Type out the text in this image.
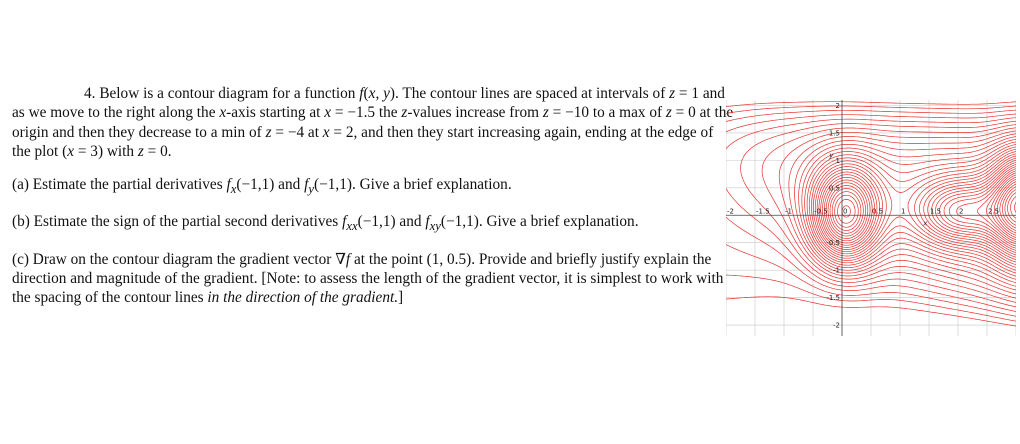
4. Below is a contour diagram for a function f(x, y). The contour lines are spaced at intervals of z = 1 and as we move to the right along the x-axis starting at x = −1.5 the z-values increase from z = −10 to a max of z = 0 at the origin and then they decrease to a min of z = −4 at x = 2, and then they start increasing again, ending at the edge of the plot (x = 3) with z = 0.

(a) Estimate the partial derivatives $f_x(-1,1)$ and $f_y(-1,1)$. Give a brief explanation.

(b) Estimate the sign of the partial second derivatives $f_{xx}(-1,1)$ and $f_{xy}(-1,1)$. Give a brief explanation.

(c) Draw on the contour diagram the gradient vector ∇f at the point (1, 0.5). Provide and briefly justify explain the direction and magnitude of the gradient. [Note: to assess the length of the gradient vector, it is simplest to work with the spacing of the contour lines in the direction of the gradient.]

-2	-1.5 -1	-0.5 0	0.5	1	1.5	2	2.5
2
1.5
1
0.5
-0.5
-1
-1.5
-2
x
y
